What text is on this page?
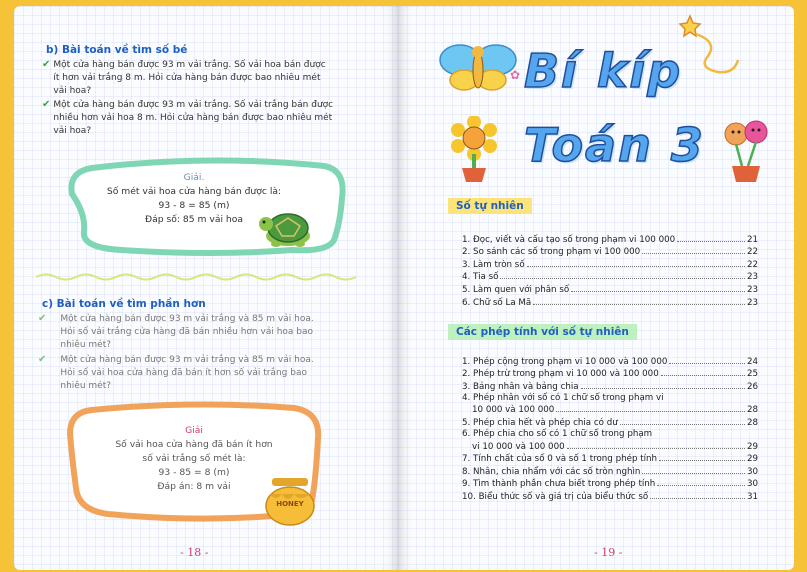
b) Bài toán về tìm số bé
✔ Một cửa hàng bán được 93 m vải trắng. Số vải hoa bán được
ít hơn vải trắng 8 m. Hỏi cửa hàng bán được bao nhiêu mét
vải hoa?
✔ Một cửa hàng bán được 93 m vải trắng. Số vải trắng bán được
nhiều hơn vải hoa 8 m. Hỏi cửa hàng bán được bao nhiêu mét
vải hoa?
Giải.
Số mét vải hoa cửa hàng bán được là:
93 - 8 = 85 (m)
Đáp số: 85 m vải hoa
c) Bài toán về tìm phần hơn
✔ Một cửa hàng bán được 93 m vải trắng và 85 m vải hoa.
Hỏi số vải trắng cửa hàng đã bán nhiều hơn vải hoa bao
nhiêu mét?
✔ Một cửa hàng bán được 93 m vải trắng và 85 m vải hoa.
Hỏi số vải hoa cửa hàng đã bán ít hơn số vải trắng bao
nhiêu mét?
Giải
Số vải hoa cửa hàng đã bán ít hơn
số vải trắng số mét là:
93 - 85 = 8 (m)
Đáp án: 8 m vải
HONEY
- 18 -
✿ Bí kíp
Toán 3
Số tự nhiên
1. Đọc, viết và cấu tạo số trong phạm vi 100 000	21
2. So sánh các số trong phạm vi 100 000	22
3. Làm tròn số	22
4. Tia số	23
5. Làm quen với phân số	23
6. Chữ số La Mã	23
Các phép tính với số tự nhiên
1. Phép cộng trong phạm vi 10 000 và 100 000	24
2. Phép trừ trong phạm vi 10 000 và 100 000	25
3. Bảng nhân và bảng chia	26
4. Phép nhân với số có 1 chữ số trong phạm vi
10 000 và 100 000	28
5. Phép chia hết và phép chia có dư	28
6. Phép chia cho số có 1 chữ số trong phạm
vi 10 000 và 100 000	29
7. Tính chất của số 0 và số 1 trong phép tính	29
8. Nhân, chia nhẩm với các số tròn nghìn	30
9. Tìm thành phần chưa biết trong phép tính	30
10. Biểu thức số và giá trị của biểu thức số	31
- 19 -
